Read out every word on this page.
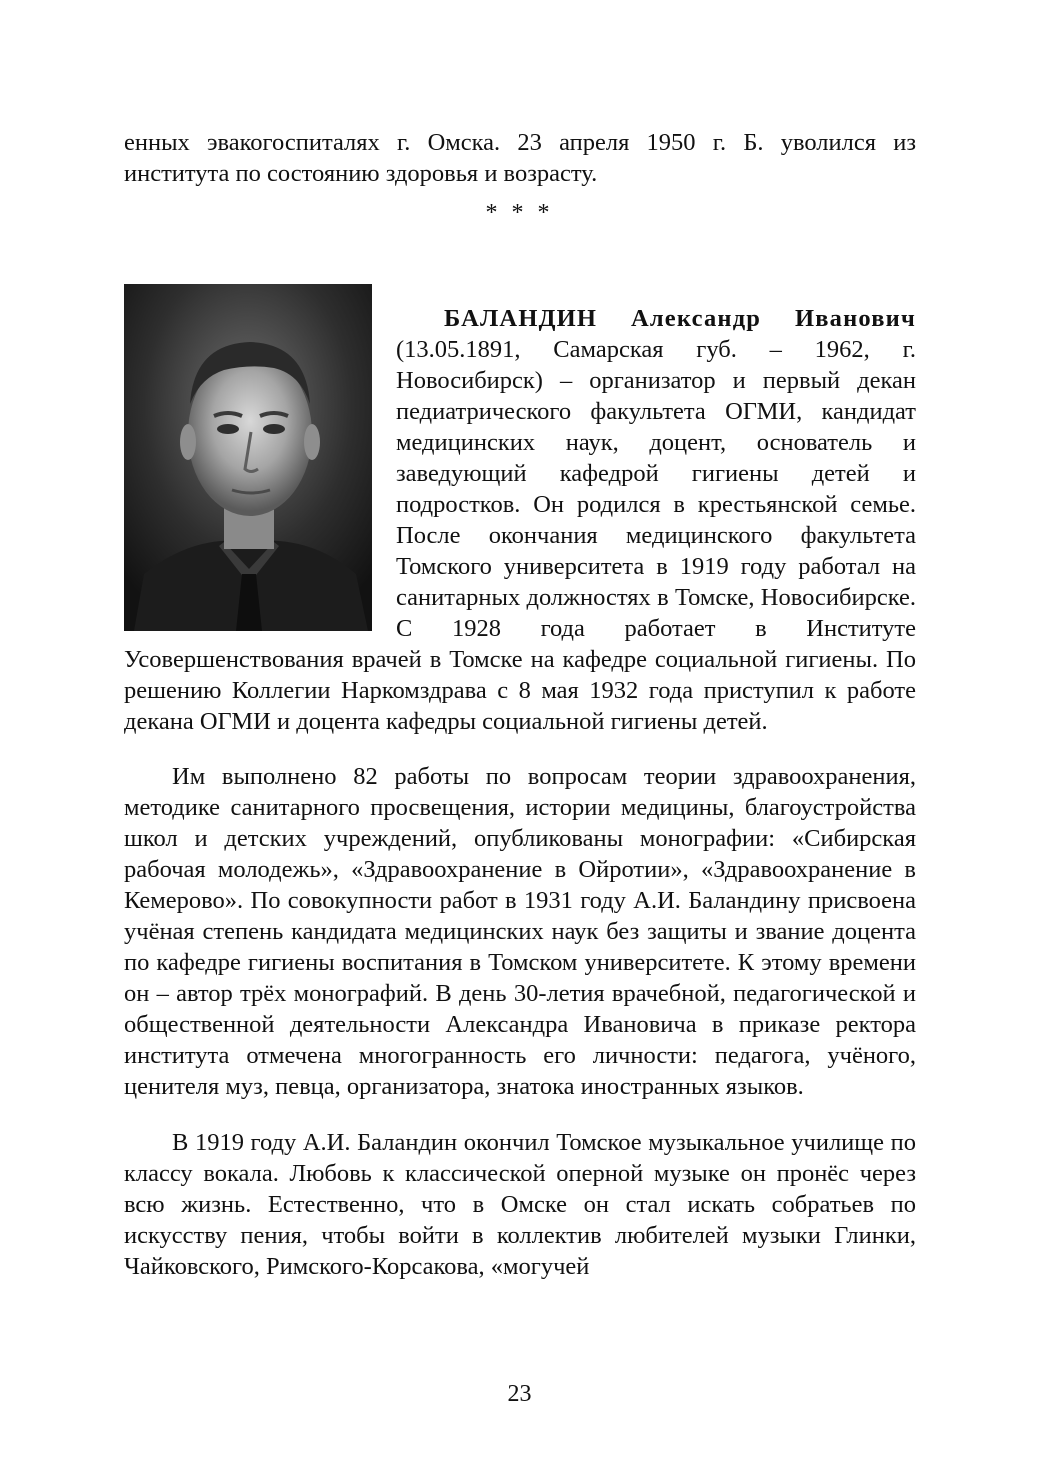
енных эвакогоспиталях г. Омска. 23 апреля 1950 г. Б. уволился из института по состоянию здоровья и возрасту.

* * *

БАЛАНДИН Александр Иванович (13.05.1891, Самарская губ. – 1962, г. Новосибирск) – организатор и первый декан педиатрического факультета ОГМИ, кандидат медицинских наук, доцент, основатель и заведующий кафедрой гигиены детей и подростков. Он родился в крестьянской семье. После окончания медицинского факультета Томского университета в 1919 году работал на санитарных должностях в Томске, Новосибирске. С 1928 года работает в Институте Усовершенствования врачей в Томске на кафедре социальной гигиены. По решению Коллегии Наркомздрава с 8 мая 1932 года приступил к работе декана ОГМИ и доцента кафедры социальной гигиены детей.

Им выполнено 82 работы по вопросам теории здравоохранения, методике санитарного просвещения, истории медицины, благоустройства школ и детских учреждений, опубликованы монографии: «Сибирская рабочая молодежь», «Здравоохранение в Ойротии», «Здравоохранение в Кемерово». По совокупности работ в 1931 году А.И. Баландину присвоена учёная степень кандидата медицинских наук без защиты и звание доцента по кафедре гигиены воспитания в Томском университете. К этому времени он – автор трёх монографий. В день 30-летия врачебной, педагогической и общественной деятельности Александра Ивановича в приказе ректора института отмечена многогранность его личности: педагога, учёного, ценителя муз, певца, организатора, знатока иностранных языков.

В 1919 году А.И. Баландин окончил Томское музыкальное училище по классу вокала. Любовь к классической оперной музыке он пронёс через всю жизнь. Естественно, что в Омске он стал искать собратьев по искусству пения, чтобы войти в коллектив любителей музыки Глинки, Чайковского, Римского-Корсакова, «могучей

23
